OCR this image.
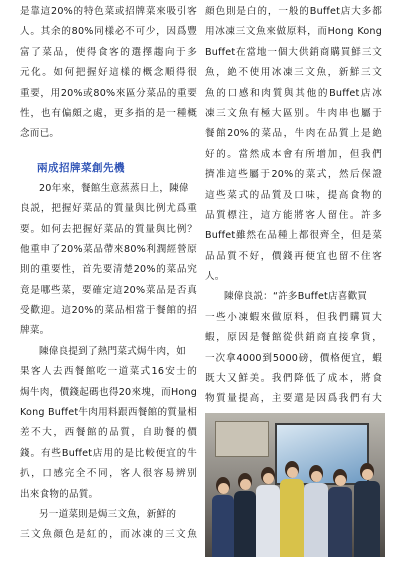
是靠這20%的特色菜或招牌菜來吸引客
人。其余的80%同樣必不可少，因爲豐
富了菜品，使得食客的選擇趨向于多
元化。如何把握好這樣的概念順得很
重要，用20%或80%來區分菜品的重要
性，也有偏頗之處，更多指的是一種概
念而已。
兩成招牌菜創先機
20年來，餐館生意蒸蒸日上，陳偉
良説，把握好菜品的質量與比例尤爲重
要。如何去把握好菜品的質量與比例？
他重申了20%菜品帶來80%利潤經營原
則的重要性，首先要清楚20%的菜品究
竟是哪些菜，要確定這20%菜品是否真
受歡迎。這20%的菜品相當于餐館的招
牌菜。
陳偉良提到了熱門菜式焗牛肉，如
果客人去西餐館吃一道菜式16安士的
焗牛肉，價錢起碼也得20來塊，而Hong
Kong Buffet牛肉用料跟西餐館的質量相
差不大，西餐館的品質，自助餐的價
錢。有些Buffet店用的是比較便宜的牛
扒，口感完全不同，客人很容易辨别
出來食物的品質。
另一道菜則是焗三文魚，新鮮的
三文魚顔色是紅的，而冰凍的三文魚
顔色則是白的，一般的Buffet店大多都
用冰凍三文魚來做原料，而Hong Kong
Buffet在當地一個大供銷商購買鮮三文
魚，絶不使用冰凍三文魚，新鮮三文
魚的口感和肉質與其他的Buffet店冰
凍三文魚有極大區别。牛肉串也屬于
餐館20%的菜品，牛肉在品質上是絶
好的。當然成本會有所增加，但我們
擠准這些屬于20%的菜式，然后保證
這些菜式的品質及口味，提高食物的
品質標注，這方能將客人留住。許多
Buffet雖然在品種上都很齊全，但是菜
品品質不好，價錢再便宜也留不住客
人。
陳偉良説：“許多Buffet店喜歡買
一些小凍蝦來做原料，但我們購買大
蝦，原因是餐館從供銷商直接拿貨，
一次拿4000到5000磅，價格便宜，蝦
既大又鮮美。我們降低了成本，將食
物質量提高，主要還是因爲我們有大
